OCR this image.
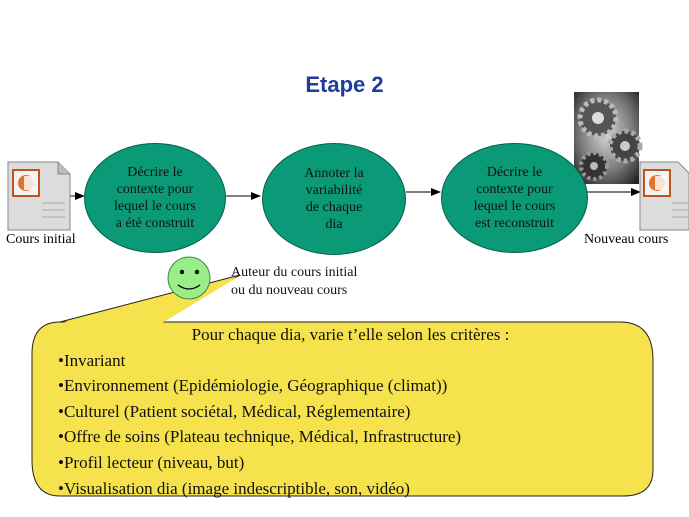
Etape 2
Décrire le
contexte pour
lequel le cours
a été construit
Annoter la
variabilité
de chaque
dia
Décrire le
contexte pour
lequel le cours
est reconstruit
Cours initial	Nouveau cours
Auteur du cours initial
ou du nouveau cours
Pour chaque dia, varie t’elle selon les critères :
•Invariant
•Environnement (Epidémiologie, Géographique (climat))
•Culturel (Patient sociétal, Médical, Réglementaire)
•Offre de soins (Plateau technique, Médical, Infrastructure)
•Profil lecteur (niveau, but)
•Visualisation dia (image indescriptible, son, vidéo)
